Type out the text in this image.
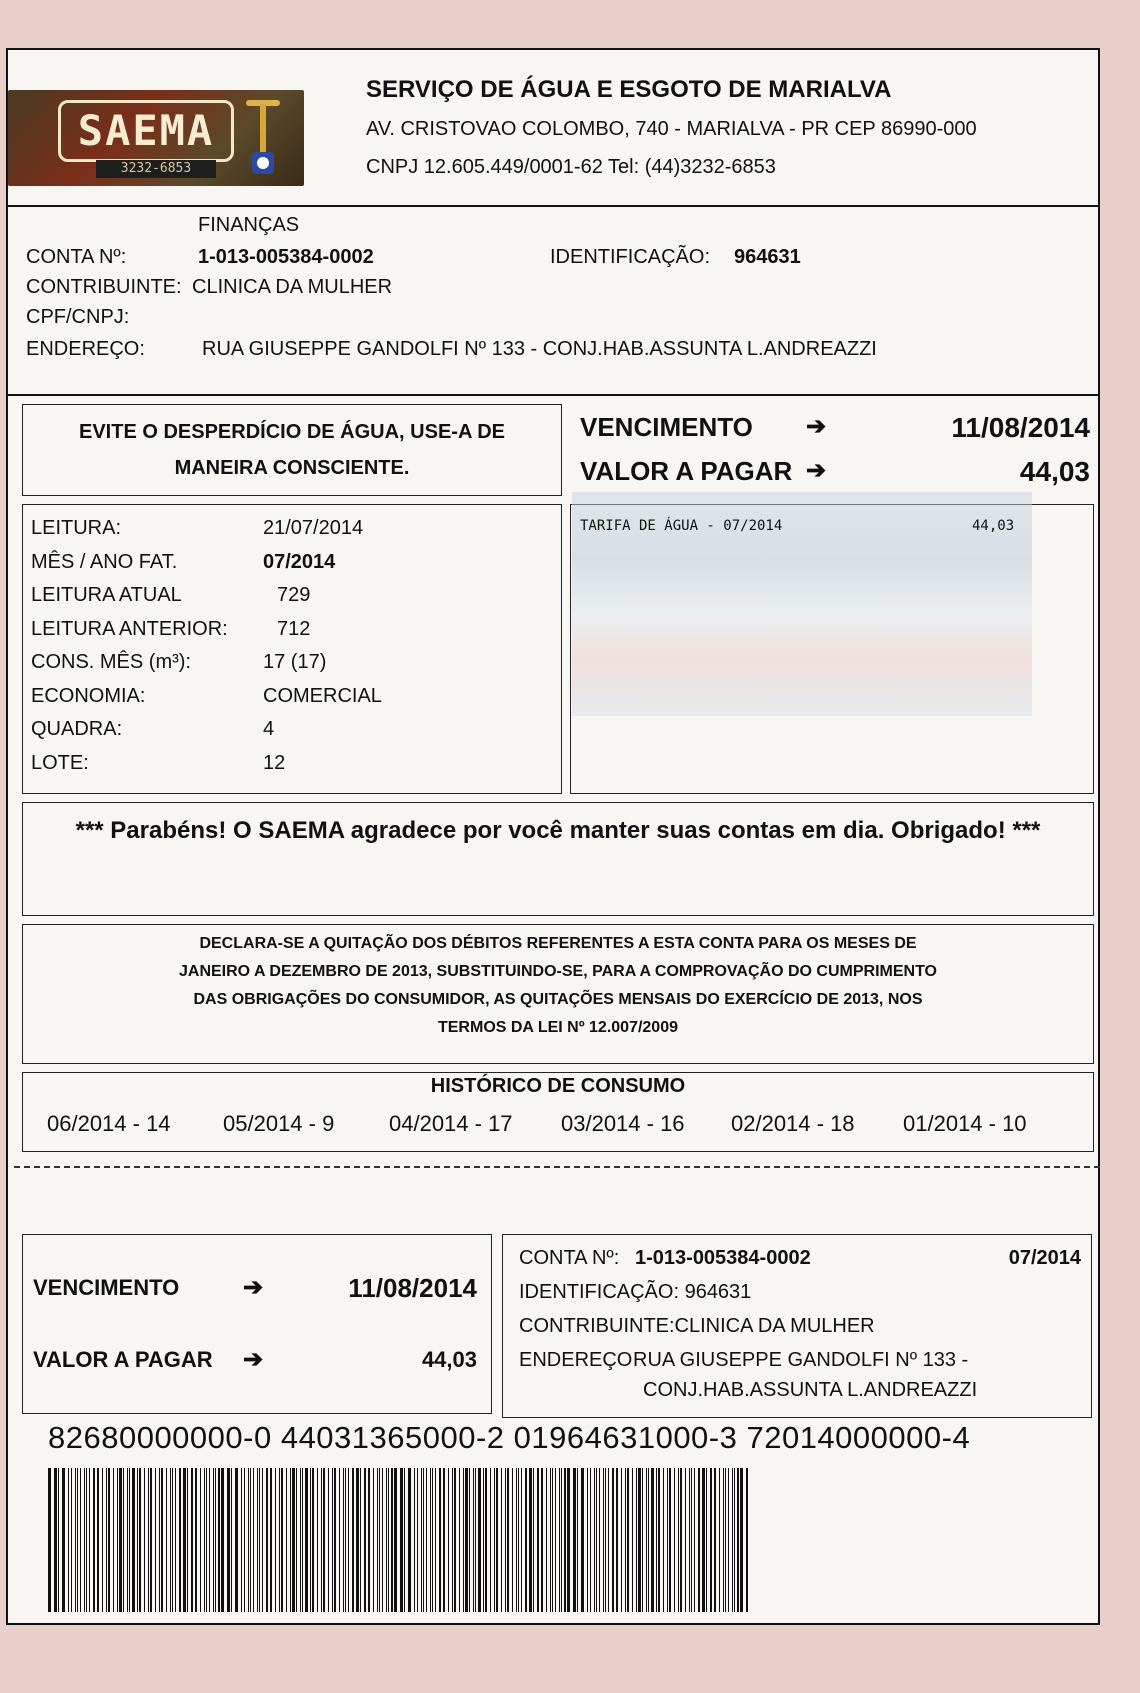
SAEMA
3232-6853
SERVIÇO DE ÁGUA E ESGOTO DE MARIALVA
AV. CRISTOVAO COLOMBO, 740 - MARIALVA - PR CEP 86990-000
CNPJ 12.605.449/0001-62 Tel: (44)3232-6853
FINANÇAS
CONTA Nº:	1-013-005384-0002	IDENTIFICAÇÃO: 964631
CONTRIBUINTE: CLINICA DA MULHER
CPF/CNPJ:
ENDEREÇO:	RUA GIUSEPPE GANDOLFI Nº 133 - CONJ.HAB.ASSUNTA L.ANDREAZZI
EVITE O DESPERDÍCIO DE ÁGUA, USE-A DE
MANEIRA CONSCIENTE.
VENCIMENTO ➔	11/08/2014
VALOR A PAGAR ➔	44,03
LEITURA:	21/07/2014
MÊS / ANO FAT.	07/2014
LEITURA ATUAL	729
LEITURA ANTERIOR: 712
CONS. MÊS (m³):	17 (17)
ECONOMIA:	COMERCIAL
QUADRA:	4
LOTE:	12
TARIFA DE ÁGUA - 07/2014	44,03
*** Parabéns! O SAEMA agradece por você manter suas contas em dia. Obrigado! ***
DECLARA-SE A QUITAÇÃO DOS DÉBITOS REFERENTES A ESTA CONTA PARA OS MESES DE
JANEIRO A DEZEMBRO DE 2013, SUBSTITUINDO-SE, PARA A COMPROVAÇÃO DO CUMPRIMENTO
DAS OBRIGAÇÕES DO CONSUMIDOR, AS QUITAÇÕES MENSAIS DO EXERCÍCIO DE 2013, NOS
TERMOS DA LEI Nº 12.007/2009
HISTÓRICO DE CONSUMO
06/2014 - 14 05/2014 - 9 04/2014 - 17 03/2014 - 16 02/2014 - 18 01/2014 - 10
VENCIMENTO	➔	11/08/2014
VALOR A PAGAR ➔	44,03
CONTA Nº: 1-013-005384-0002	07/2014
IDENTIFICAÇÃO: 964631
CONTRIBUINTE:CLINICA DA MULHER
ENDEREÇO RUA GIUSEPPE GANDOLFI Nº 133 -
CONJ.HAB.ASSUNTA L.ANDREAZZI
82680000000-0 44031365000-2 01964631000-3 72014000000-4
